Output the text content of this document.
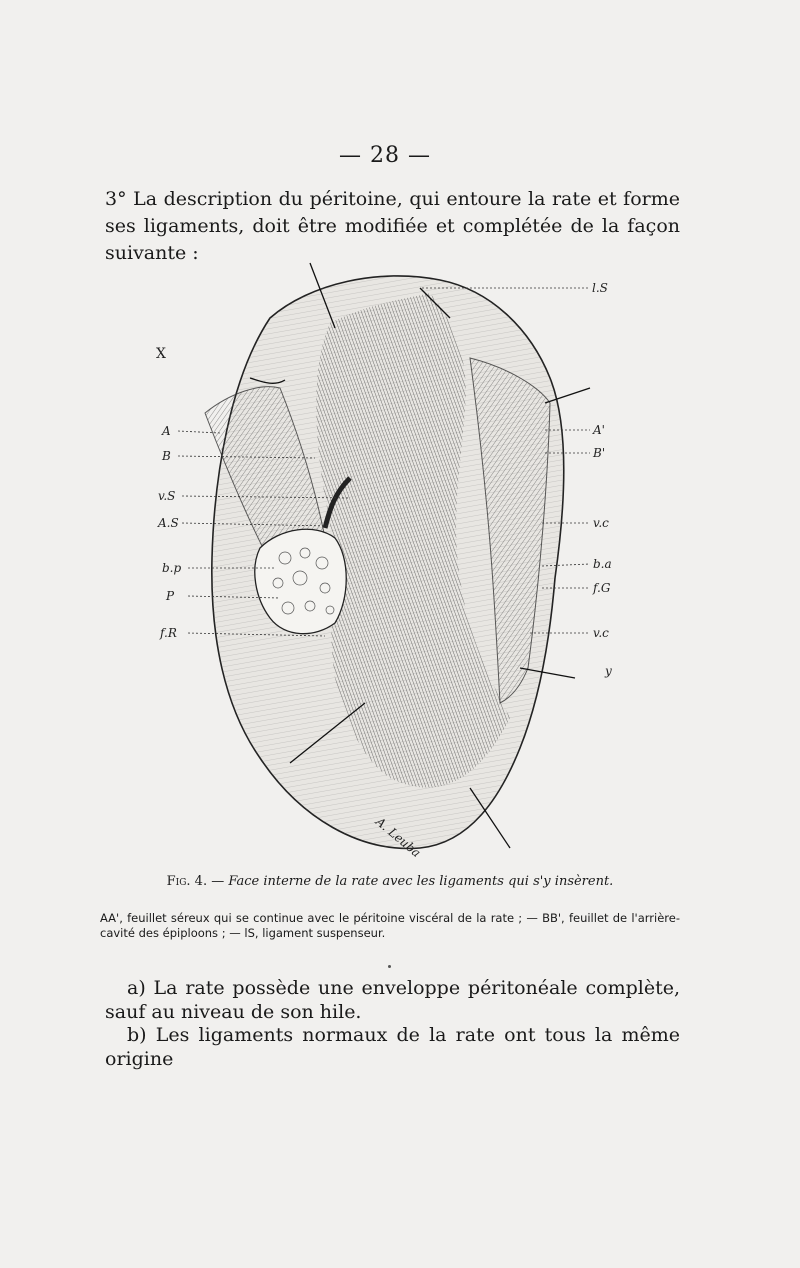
— 28 —
3° La description du péritoine, qui entoure la rate et forme ses ligaments, doit être modifiée et complétée de la façon suivante :
l.S
X
A	A'
B	B'
v.S
A.S	v.c
b.a
b.p
f.G
P
f.R	v.c
y
A. Leuba
Fig. 4. — Face interne de la rate avec les ligaments qui s'y insèrent.
AA', feuillet séreux qui se continue avec le péritoine viscéral de la rate ; — BB', feuillet de l'arrière-cavité des épiploons ; — lS, ligament suspenseur.
a) La rate possède une enveloppe péritonéale complète, sauf au niveau de son hile.
b) Les ligaments normaux de la rate ont tous la même origine
